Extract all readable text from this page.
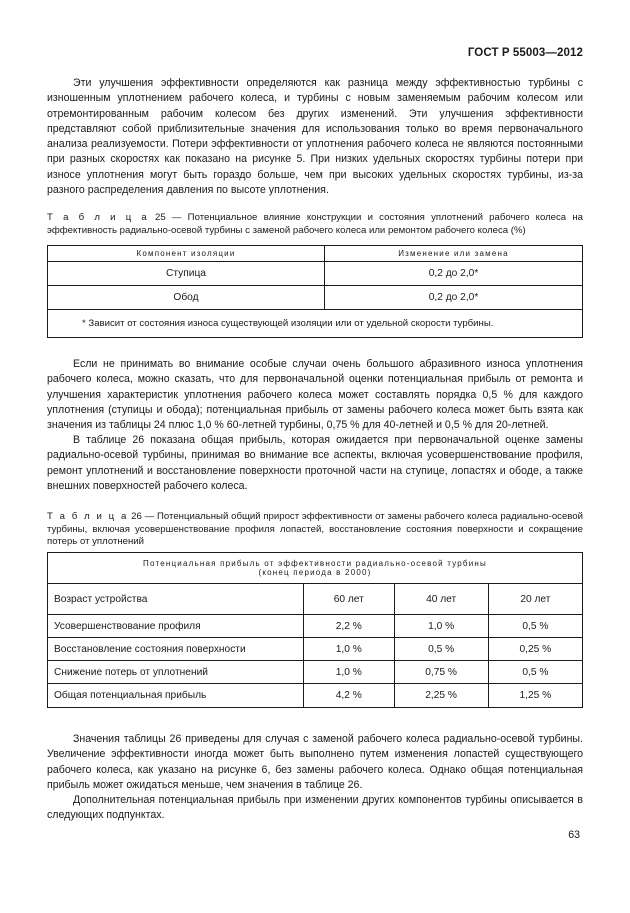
ГОСТ Р 55003—2012

Эти улучшения эффективности определяются как разница между эффективностью турбины с изношенным уплотнением рабочего колеса, и турбины с новым заменяемым рабочим колесом или отремонтированным рабочим колесом без других изменений. Эти улучшения эффективности представляют собой приблизительные значения для использования только во время первоначального анализа реализуемости. Потери эффективности от уплотнения рабочего колеса не являются постоянными при разных скоростях как показано на рисунке 5. При низких удельных скоростях турбины потери при износе уплотнения могут быть гораздо больше, чем при высоких удельных скоростях турбины, из-за разного распределения давления по высоте уплотнения.

Т а б л и ц а 25 — Потенциальное влияние конструкции и состояния уплотнений рабочего колеса на эффективность радиально-осевой турбины с заменой рабочего колеса или ремонтом рабочего колеса (%)

Компонент изоляции	Изменение или замена
Ступица	0,2 до 2,0*
Обод	0,2 до 2,0*
* Зависит от состояния износа существующей изоляции или от удельной скорости турбины.	

Если не принимать во внимание особые случаи очень большого абразивного износа уплотнения рабочего колеса, можно сказать, что для первоначальной оценки потенциальная прибыль от ремонта и улучшения характеристик уплотнения рабочего колеса может составлять порядка 0,5 % для каждого уплотнения (ступицы и обода); потенциальная прибыль от замены рабочего колеса может быть взята как значения из таблицы 24 плюс 1,0 % 60-летней турбины, 0,75 % для 40-летней и 0,5 % для 20-летней.

В таблице 26 показана общая прибыль, которая ожидается при первоначальной оценке замены радиально-осевой турбины, принимая во внимание все аспекты, включая усовершенствование профиля, ремонт уплотнений и восстановление поверхности проточной части на ступице, лопастях и ободе, а также внешних поверхностей рабочего колеса.

Т а б л и ц а 26 — Потенциальный общий прирост эффективности от замены рабочего колеса радиально-осевой турбины, включая усовершенствование профиля лопастей, восстановление состояния поверхности и сокращение потерь от уплотнений

Потенциальная прибыль от эффективности радиально-осевой турбины
(конец периода в 2000)			

Возраст устройства	60 лет	40 лет	20 лет
Усовершенствование профиля	2,2 %	1,0 %	0,5 %
Восстановление состояния поверхности	1,0 %	0,5 %	0,25 %
Снижение потерь от уплотнений	1,0 %	0,75 %	0,5 %
Общая потенциальная прибыль	4,2 %	2,25 %	1,25 %

Значения таблицы 26 приведены для случая с заменой рабочего колеса радиально-осевой турбины. Увеличение эффективности иногда может быть выполнено путем изменения лопастей существующего рабочего колеса, как указано на рисунке 6, без замены рабочего колеса. Однако общая потенциальная прибыль может ожидаться меньше, чем значения в таблице 26.

Дополнительная потенциальная прибыль при изменении других компонентов турбины описывается в следующих подпунктах.

63
